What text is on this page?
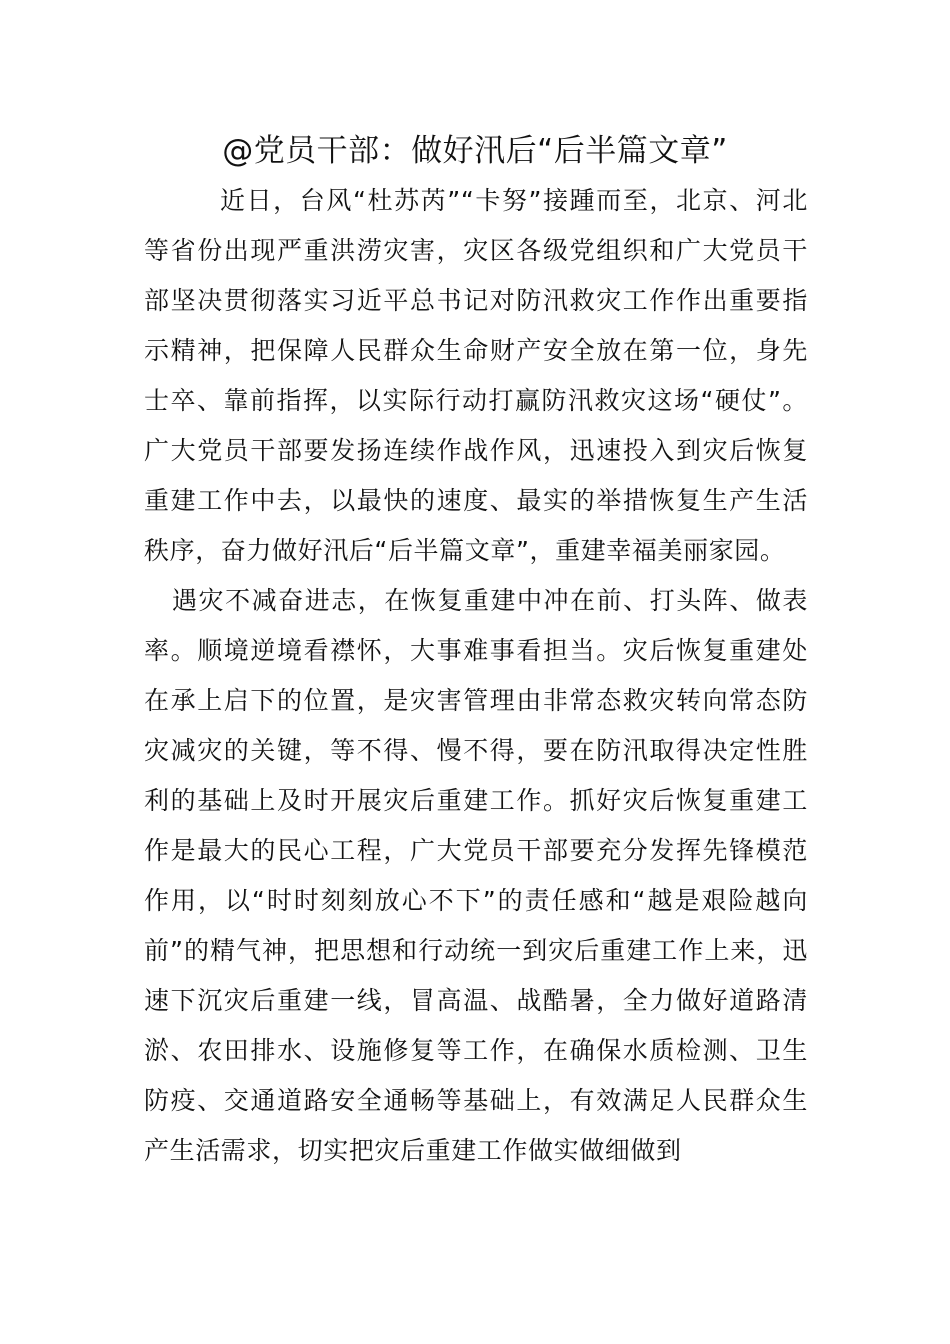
@党员干部：做好汛后“后半篇文章”

近日，台风“杜苏芮”“卡努”接踵而至，北京、河北等省份出现严重洪涝灾害，灾区各级党组织和广大党员干部坚决贯彻落实习近平总书记对防汛救灾工作作出重要指示精神，把保障人民群众生命财产安全放在第一位，身先士卒、靠前指挥，以实际行动打赢防汛救灾这场“硬仗”。广大党员干部要发扬连续作战作风，迅速投入到灾后恢复重建工作中去，以最快的速度、最实的举措恢复生产生活秩序，奋力做好汛后“后半篇文章”，重建幸福美丽家园。

遇灾不减奋进志，在恢复重建中冲在前、打头阵、做表率。顺境逆境看襟怀，大事难事看担当。灾后恢复重建处在承上启下的位置，是灾害管理由非常态救灾转向常态防灾减灾的关键，等不得、慢不得，要在防汛取得决定性胜利的基础上及时开展灾后重建工作。抓好灾后恢复重建工作是最大的民心工程，广大党员干部要充分发挥先锋模范作用，以“时时刻刻放心不下”的责任感和“越是艰险越向前”的精气神，把思想和行动统一到灾后重建工作上来，迅速下沉灾后重建一线，冒高温、战酷暑，全力做好道路清淤、农田排水、设施修复等工作，在确保水质检测、卫生防疫、交通道路安全通畅等基础上，有效满足人民群众生产生活需求，切实把灾后重建工作做实做细做到
